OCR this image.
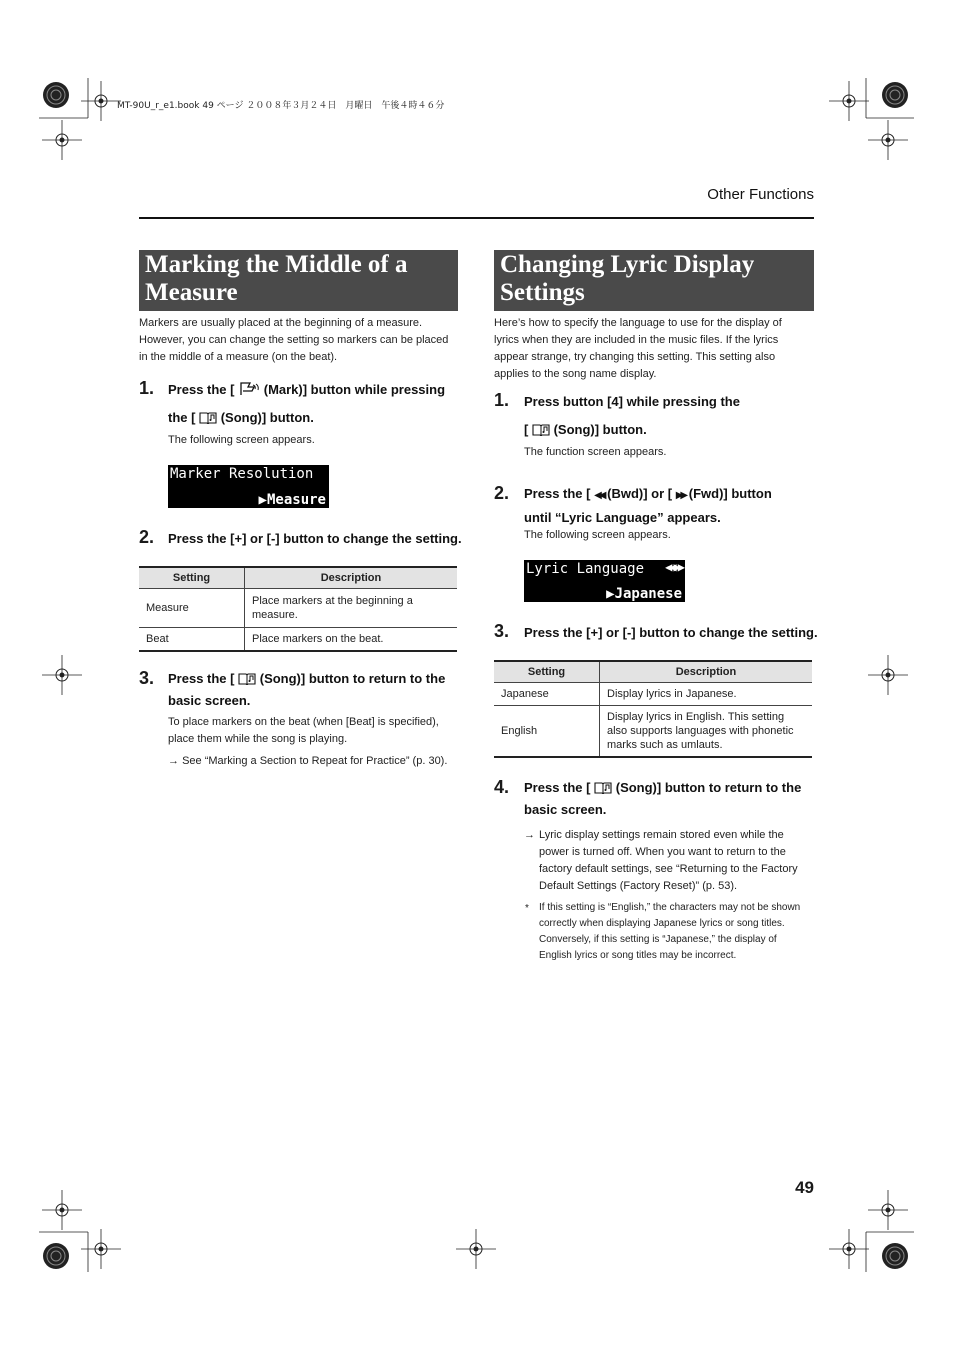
MT-90U_r_e1.book 49 ページ ２００８年３月２４日　月曜日　午後４時４６分
Other Functions
Marking the Middle of a Measure
Markers are usually placed at the beginning of a measure. However, you can change the setting so markers can be placed in the middle of a measure (on the beat).
1. Press the [ (Mark)] button while pressing
the [ (Song)] button.
The following screen appears.
Marker Resolution
▶Measure
2. Press the [+] or [-] button to change the setting.
Setting	Description
Measure	Place markers at the beginning a measure.
Beat	Place markers on the beat.
3. Press the [ (Song)] button to return to the
basic screen.
To place markers on the beat (when [Beat] is specified), place them while the song is playing.
→ See “Marking a Section to Repeat for Practice” (p. 30).
Changing Lyric Display Settings
Here’s how to specify the language to use for the display of lyrics when they are included in the music files. If the lyrics appear strange, try changing this setting. This setting also applies to the song name display.
1. Press button [4] while pressing the
[ (Song)] button.
The function screen appears.
2. Press the [ ◀◀ (Bwd)] or [ ▶▶ (Fwd)] button
until “Lyric Language” appears.
The following screen appears.
Lyric Language ◀◀▶▶
▶Japanese
3. Press the [+] or [-] button to change the setting.
Setting	Description
Japanese	Display lyrics in Japanese.
English	Display lyrics in English. This setting also supports languages with phonetic marks such as umlauts.
4. Press the [ (Song)] button to return to the
basic screen.
→ Lyric display settings remain stored even while the power is turned off. When you want to return to the factory default settings, see “Returning to the Factory Default Settings (Factory Reset)” (p. 53).
* If this setting is “English,” the characters may not be shown correctly when displaying Japanese lyrics or song titles. Conversely, if this setting is “Japanese,” the display of English lyrics or song titles may be incorrect.
49
